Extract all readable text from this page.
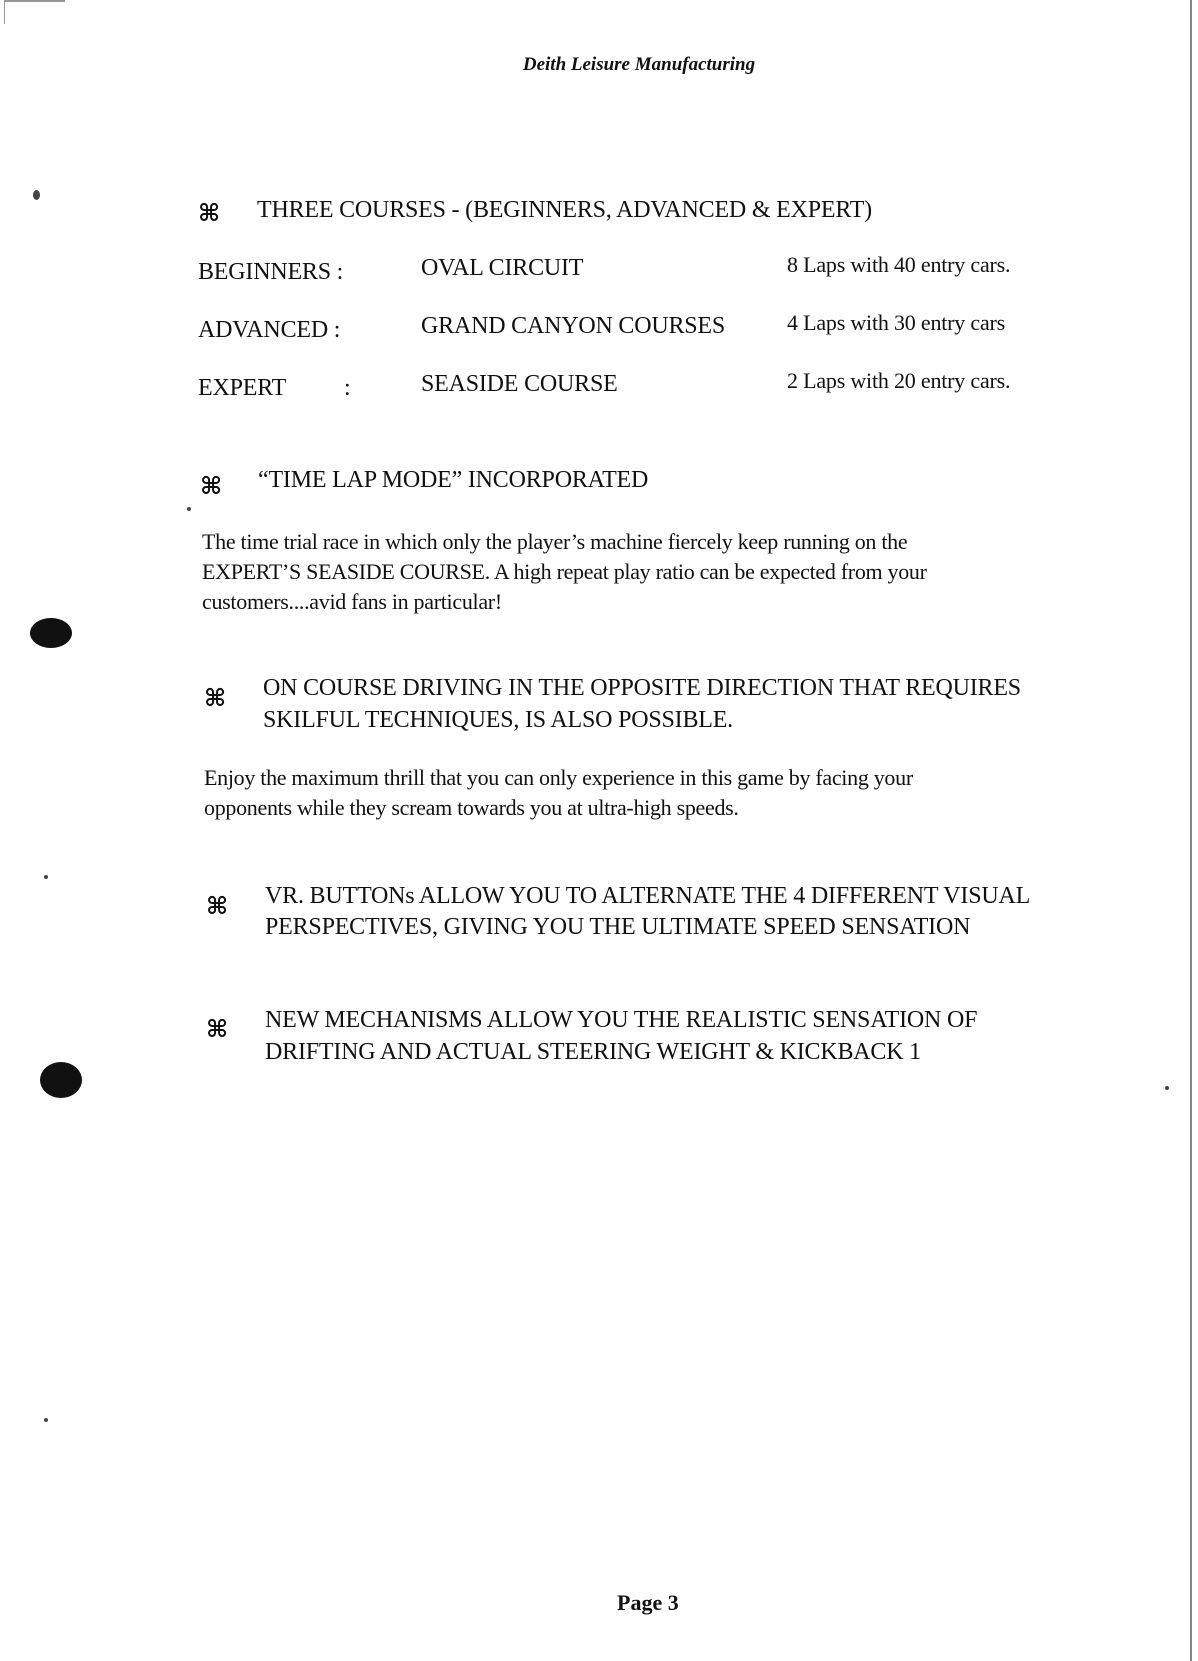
Deith Leisure Manufacturing
⌘ THREE COURSES - (BEGINNERS, ADVANCED & EXPERT)
BEGINNERS :	OVAL CIRCUIT	8 Laps with 40 entry cars.
ADVANCED :	GRAND CANYON COURSES	4 Laps with 30 entry cars
EXPERT :	SEASIDE COURSE	2 Laps with 20 entry cars.
⌘ “TIME LAP MODE” INCORPORATED
The time trial race in which only the player’s machine fiercely keep running on the
EXPERT’S SEASIDE COURSE. A high repeat play ratio can be expected from your
customers....avid fans in particular!
⌘ ON COURSE DRIVING IN THE OPPOSITE DIRECTION THAT REQUIRES
SKILFUL TECHNIQUES, IS ALSO POSSIBLE.
Enjoy the maximum thrill that you can only experience in this game by facing your
opponents while they scream towards you at ultra-high speeds.
⌘ VR. BUTTONs ALLOW YOU TO ALTERNATE THE 4 DIFFERENT VISUAL
PERSPECTIVES, GIVING YOU THE ULTIMATE SPEED SENSATION
⌘ NEW MECHANISMS ALLOW YOU THE REALISTIC SENSATION OF
DRIFTING AND ACTUAL STEERING WEIGHT & KICKBACK 1
Page 3
